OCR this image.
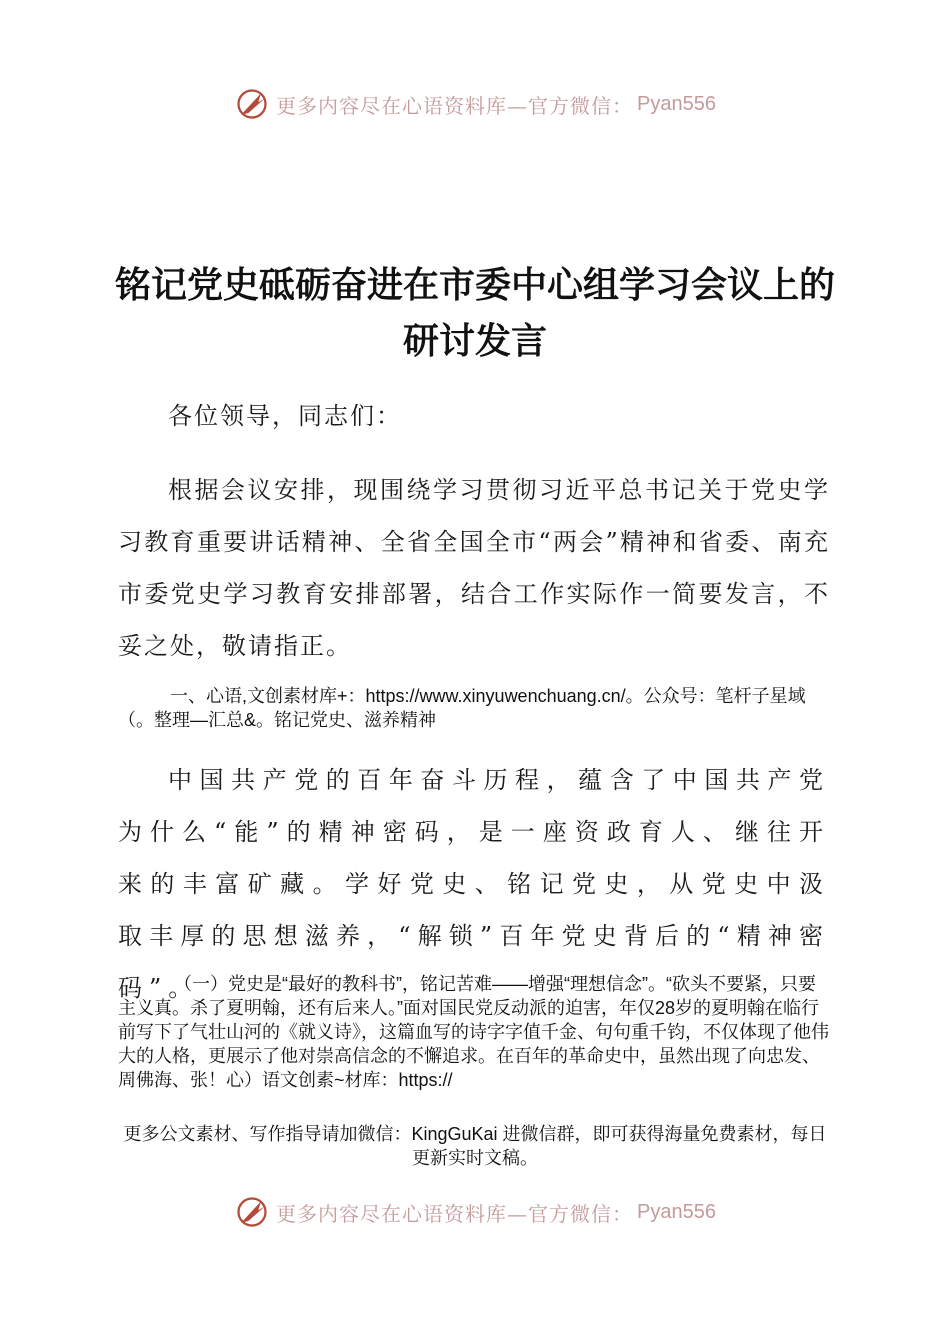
更多内容尽在心语资料库—官方微信： Pyan556
铭记党史砥砺奋进在市委中心组学习会议上的研讨发言
各位领导，同志们：
根据会议安排，现围绕学习贯彻习近平总书记关于党史学习教育重要讲话精神、全省全国全市“两会”精神和省委、南充市委党史学习教育安排部署，结合工作实际作一简要发言，不妥之处，敬请指正。
一、心语,文创素材库+：https://www.xinyuwenchuang.cn/。公众号：笔杆子星域（。整理—汇总&。铭记党史、滋养精神
中国共产党的百年奋斗历程，蕴含了中国共产党为什么“能”的精神密码，是一座资政育人、继往开来的丰富矿藏。学好党史、铭记党史，从党史中汲取丰厚的思想滋养，“解锁”百年党史背后的“精神密码”。
（一）党史是“最好的教科书”，铭记苦难——增强“理想信念”。“砍头不要紧，只要主义真。杀了夏明翰，还有后来人。”面对国民党反动派的迫害，年仅28岁的夏明翰在临行前写下了气壮山河的《就义诗》，这篇血写的诗字字值千金、句句重千钧，不仅体现了他伟大的人格，更展示了他对崇高信念的不懈追求。在百年的革命史中，虽然出现了向忠发、周佛海、张！心）语文创素~材库：https://
更多公文素材、写作指导请加微信：KingGuKai 进微信群，即可获得海量免费素材，每日更新实时文稿。
更多内容尽在心语资料库—官方微信： Pyan556
